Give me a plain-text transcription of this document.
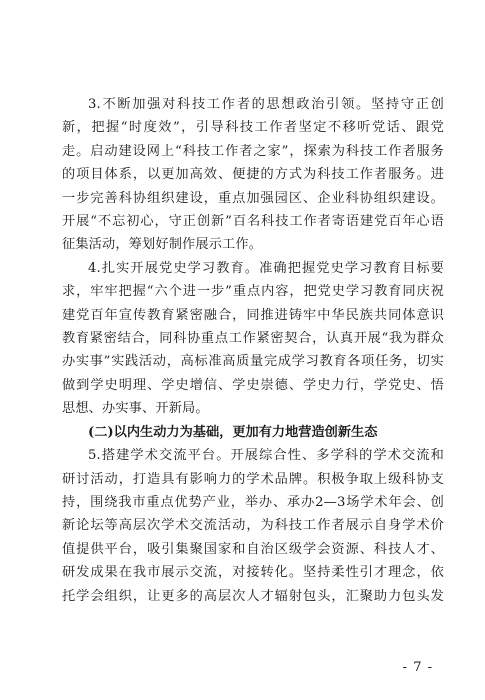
3.不断加强对科技工作者的思想政治引领。坚持守正创
新，把握“时度效”，引导科技工作者坚定不移听党话、跟党
走。启动建设网上“科技工作者之家”，探索为科技工作者服务
的项目体系，以更加高效、便捷的方式为科技工作者服务。进
一步完善科协组织建设，重点加强园区、企业科协组织建设。
开展“不忘初心，守正创新”百名科技工作者寄语建党百年心语
征集活动，筹划好制作展示工作。
4.扎实开展党史学习教育。准确把握党史学习教育目标要
求，牢牢把握“六个进一步”重点内容，把党史学习教育同庆祝
建党百年宣传教育紧密融合，同推进铸牢中华民族共同体意识
教育紧密结合，同科协重点工作紧密契合，认真开展“我为群众
办实事”实践活动，高标准高质量完成学习教育各项任务，切实
做到学史明理、学史增信、学史崇德、学史力行，学党史、悟
思想、办实事、开新局。
(二)以内生动力为基础，更加有力地营造创新生态
5.搭建学术交流平台。开展综合性、多学科的学术交流和
研讨活动，打造具有影响力的学术品牌。积极争取上级科协支
持，围绕我市重点优势产业，举办、承办2—3场学术年会、创
新论坛等高层次学术交流活动，为科技工作者展示自身学术价
值提供平台，吸引集聚国家和自治区级学会资源、科技人才、
研发成果在我市展示交流，对接转化。坚持柔性引才理念，依
托学会组织，让更多的高层次人才辐射包头，汇聚助力包头发
- 7 -
